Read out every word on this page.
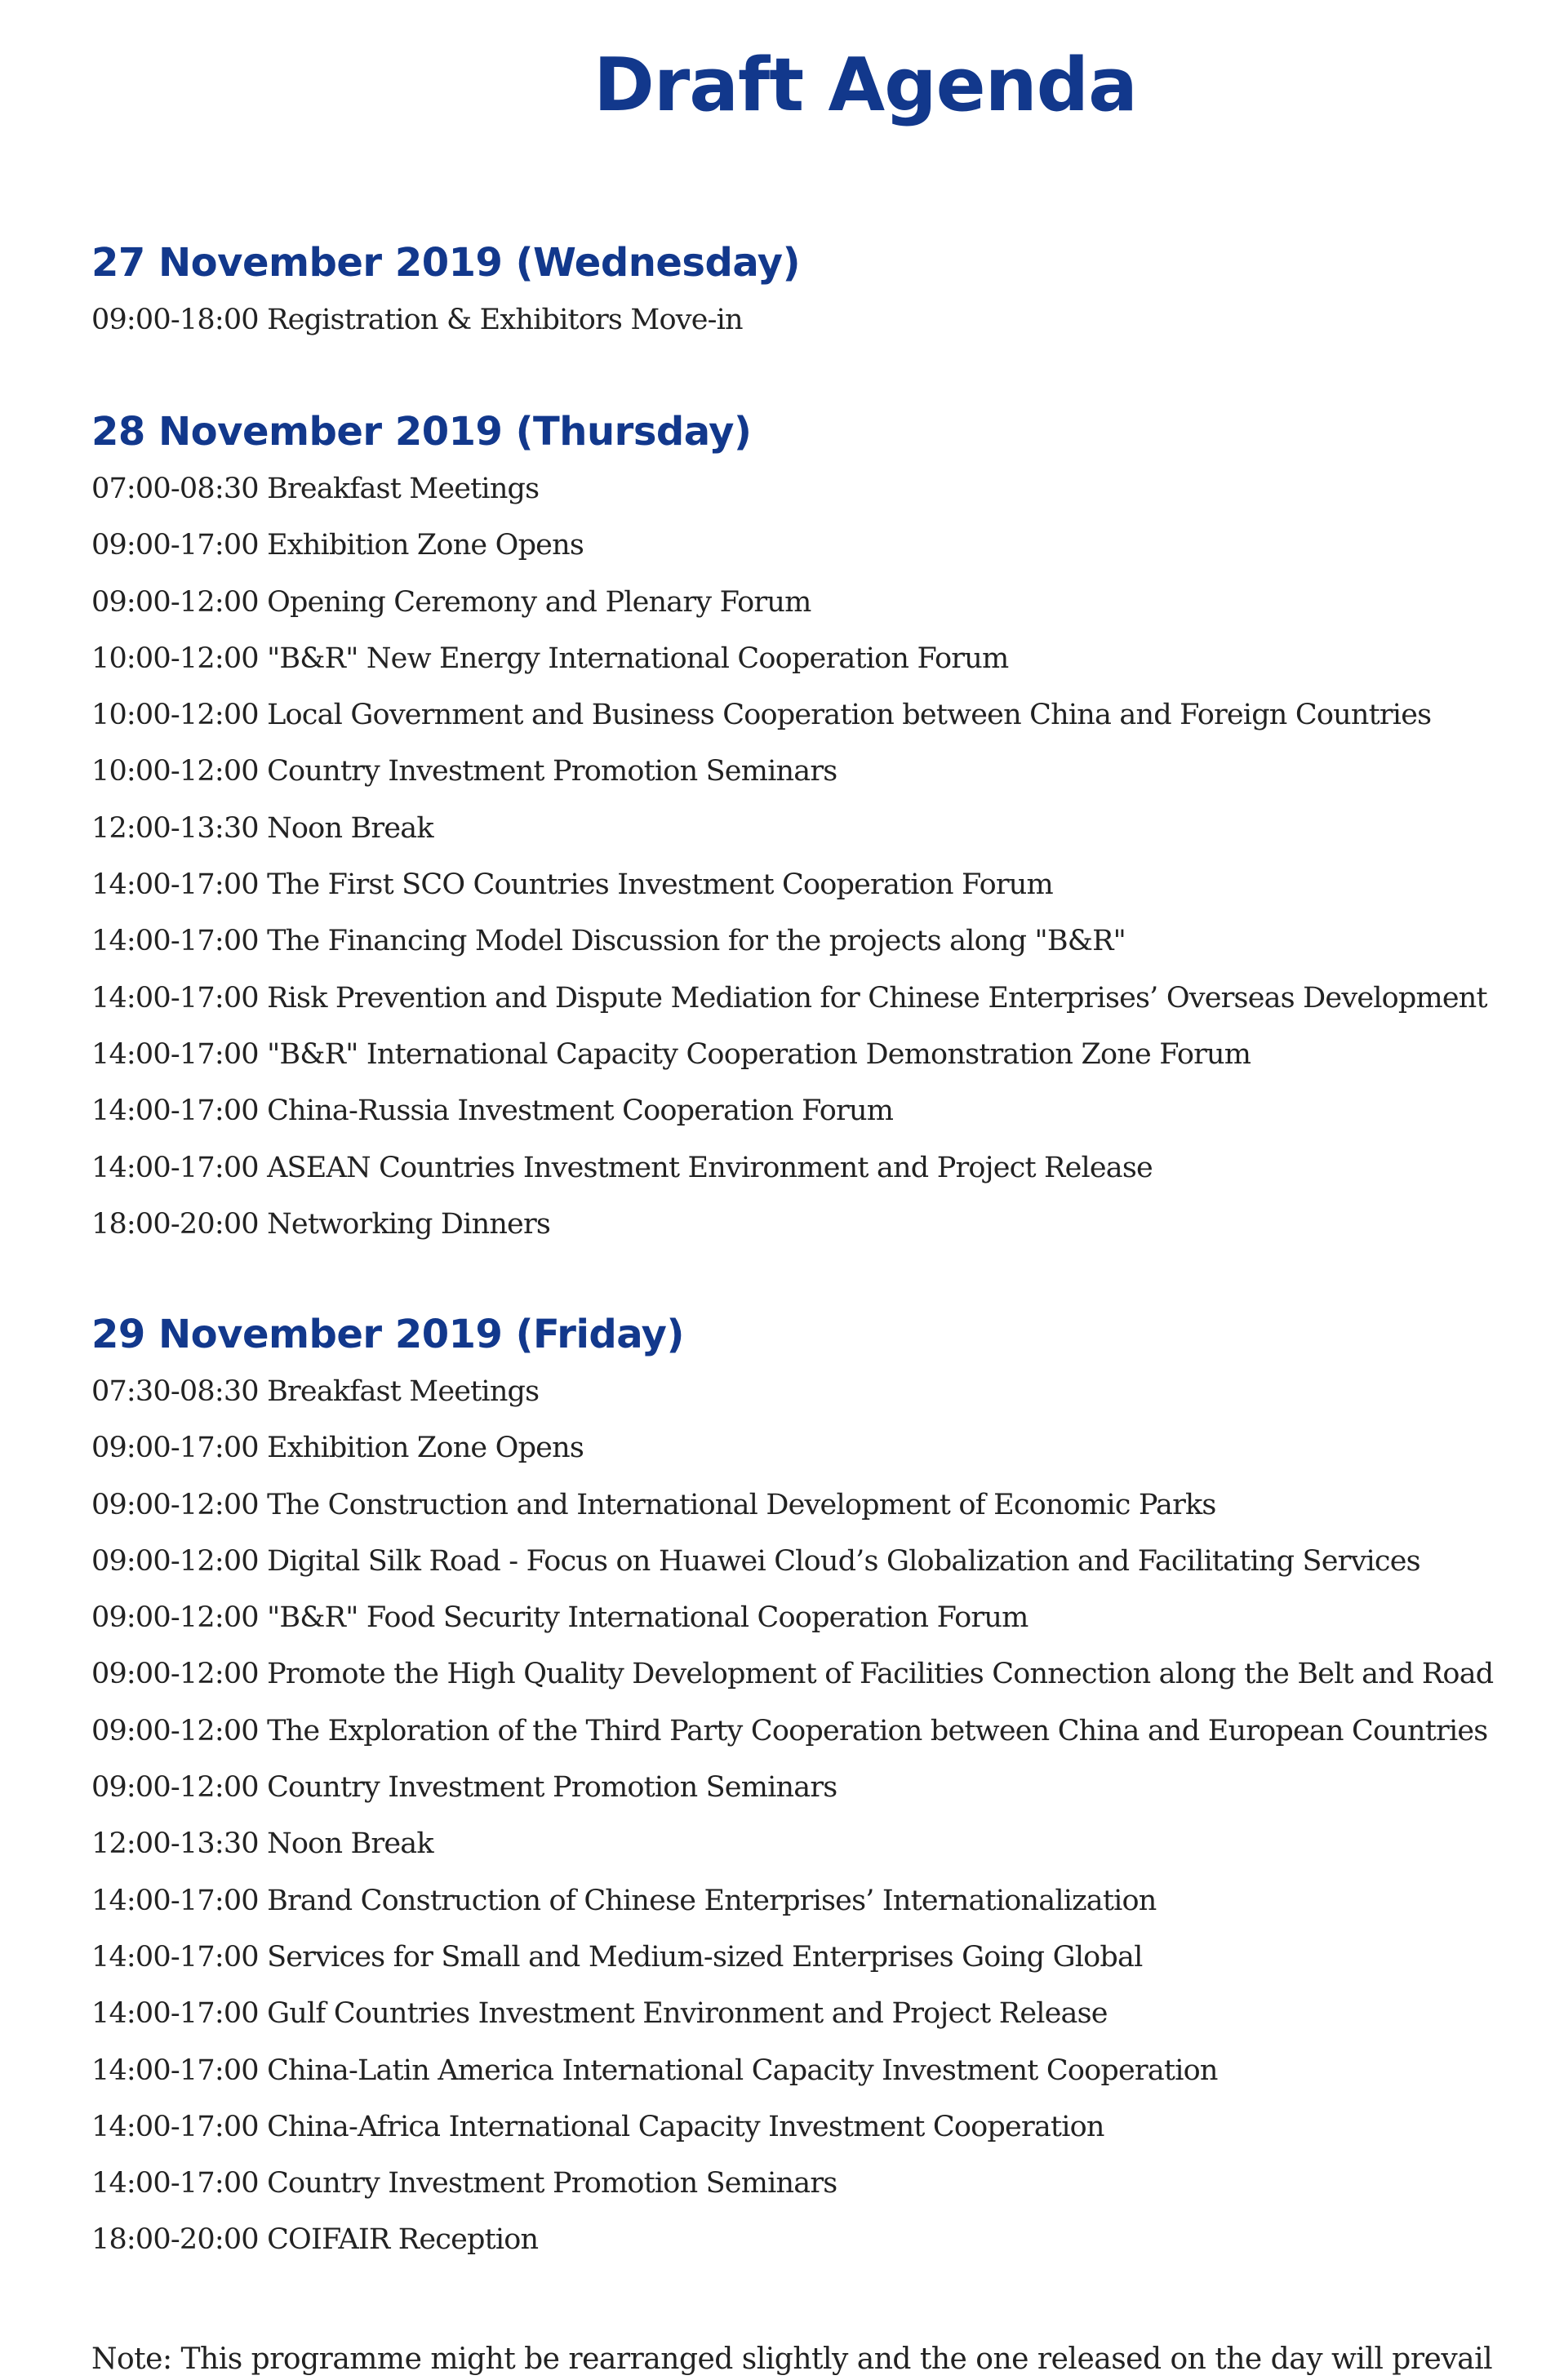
Draft Agenda
27 November 2019 (Wednesday)

09:00-18:00 Registration & Exhibitors Move-in

28 November 2019 (Thursday)

07:00-08:30 Breakfast Meetings

09:00-17:00 Exhibition Zone Opens

09:00-12:00 Opening Ceremony and Plenary Forum

10:00-12:00 "B&R" New Energy International Cooperation Forum

10:00-12:00 Local Government and Business Cooperation between China and Foreign Countries

10:00-12:00 Country Investment Promotion Seminars

12:00-13:30 Noon Break

14:00-17:00 The First SCO Countries Investment Cooperation Forum

14:00-17:00 The Financing Model Discussion for the projects along "B&R"

14:00-17:00 Risk Prevention and Dispute Mediation for Chinese Enterprises’ Overseas Development

14:00-17:00 "B&R" International Capacity Cooperation Demonstration Zone Forum

14:00-17:00 China-Russia Investment Cooperation Forum

14:00-17:00 ASEAN Countries Investment Environment and Project Release

18:00-20:00 Networking Dinners

29 November 2019 (Friday)

07:30-08:30 Breakfast Meetings

09:00-17:00 Exhibition Zone Opens

09:00-12:00 The Construction and International Development of Economic Parks

09:00-12:00 Digital Silk Road - Focus on Huawei Cloud’s Globalization and Facilitating Services

09:00-12:00 "B&R" Food Security International Cooperation Forum

09:00-12:00 Promote the High Quality Development of Facilities Connection along the Belt and Road

09:00-12:00 The Exploration of the Third Party Cooperation between China and European Countries

09:00-12:00 Country Investment Promotion Seminars

12:00-13:30 Noon Break

14:00-17:00 Brand Construction of Chinese Enterprises’ Internationalization

14:00-17:00 Services for Small and Medium-sized Enterprises Going Global

14:00-17:00 Gulf Countries Investment Environment and Project Release

14:00-17:00 China-Latin America International Capacity Investment Cooperation

14:00-17:00 China-Africa International Capacity Investment Cooperation

14:00-17:00 Country Investment Promotion Seminars

18:00-20:00 COIFAIR Reception

Note: This programme might be rearranged slightly and the one released on the day will prevail
